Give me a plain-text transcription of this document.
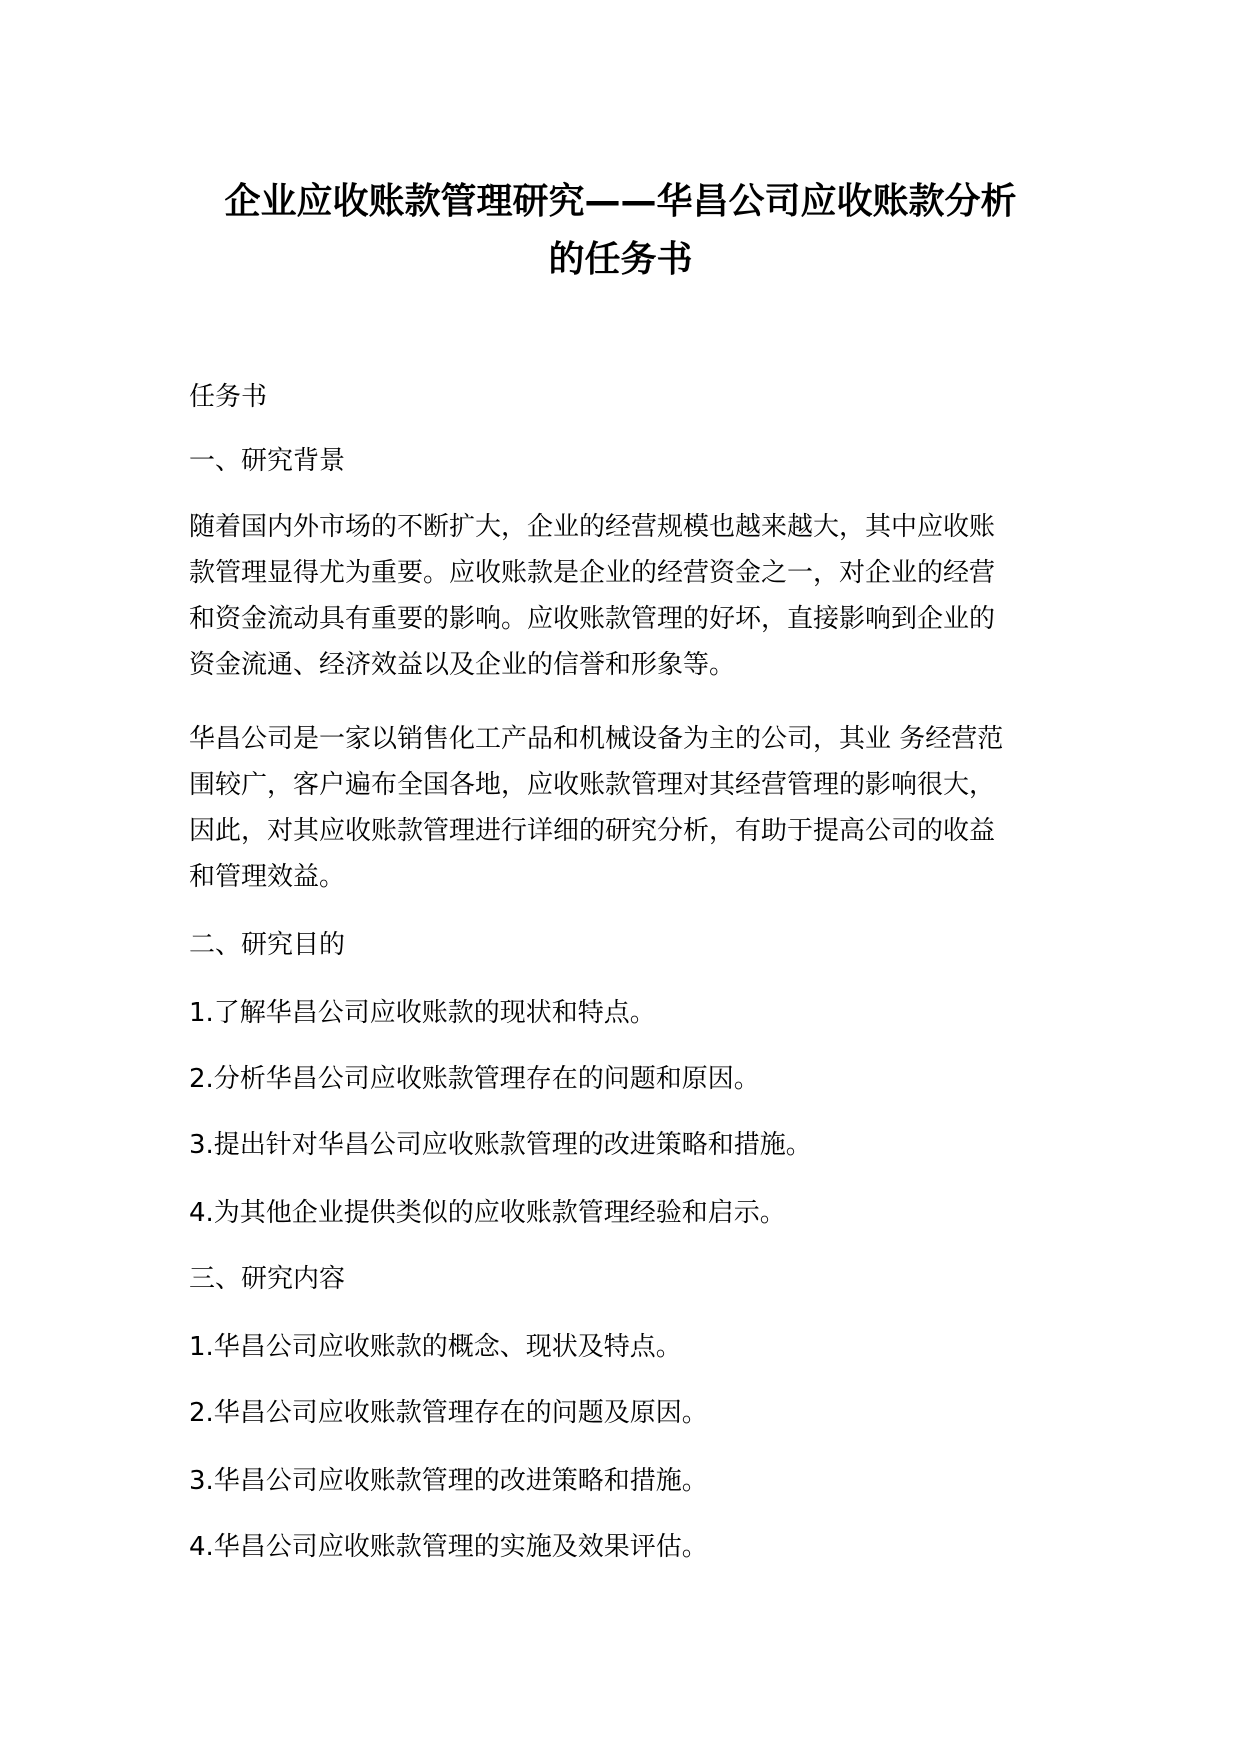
企业应收账款管理研究——华昌公司应收账款分析
的任务书
任务书
一、研究背景
随着国内外市场的不断扩大，企业的经营规模也越来越大，其中应收账
款管理显得尤为重要。应收账款是企业的经营资金之一，对企业的经营
和资金流动具有重要的影响。应收账款管理的好坏，直接影响到企业的
资金流通、经济效益以及企业的信誉和形象等。
华昌公司是一家以销售化工产品和机械设备为主的公司，其业 务经营范
围较广，客户遍布全国各地，应收账款管理对其经营管理的影响很大，
因此，对其应收账款管理进行详细的研究分析，有助于提高公司的收益
和管理效益。
二、研究目的
1.了解华昌公司应收账款的现状和特点。
2.分析华昌公司应收账款管理存在的问题和原因。
3.提出针对华昌公司应收账款管理的改进策略和措施。
4.为其他企业提供类似的应收账款管理经验和启示。
三、研究内容
1.华昌公司应收账款的概念、现状及特点。
2.华昌公司应收账款管理存在的问题及原因。
3.华昌公司应收账款管理的改进策略和措施。
4.华昌公司应收账款管理的实施及效果评估。
